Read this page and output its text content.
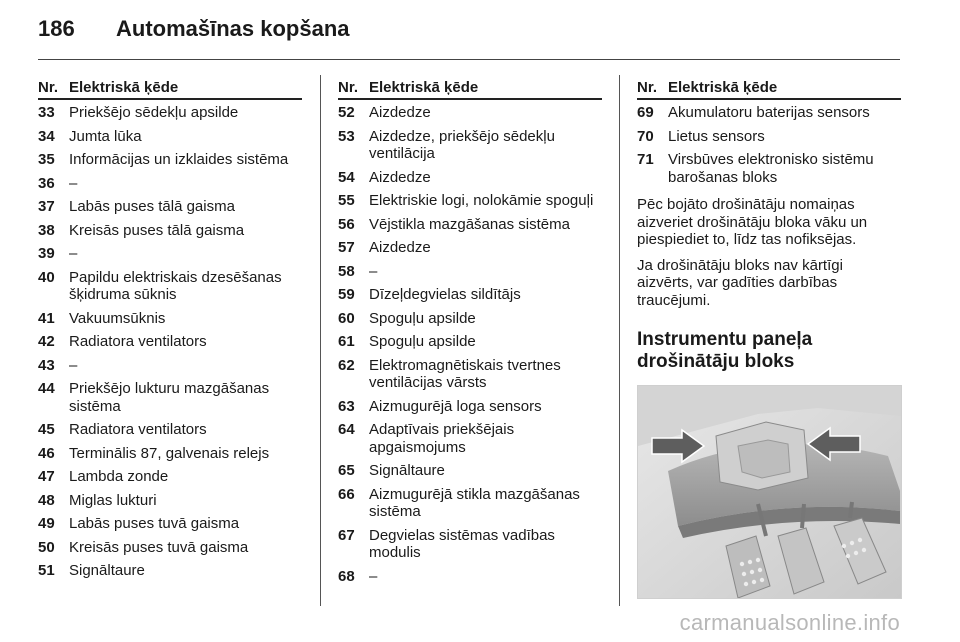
186	Automašīnas kopšana
Nr. Elektriskā ķēde
33 Priekšējo sēdekļu apsilde
34 Jumta lūka
35 Informācijas un izklaides sistēma
36 –
37 Labās puses tālā gaisma
38 Kreisās puses tālā gaisma
39 –
40 Papildu elektriskais dzesēšanas šķidruma sūknis
41 Vakuumsūknis
42 Radiatora ventilators
43 –
44 Priekšējo lukturu mazgāšanas sistēma
45 Radiatora ventilators
46 Terminālis 87, galvenais relejs
47 Lambda zonde
48 Miglas lukturi
49 Labās puses tuvā gaisma
50 Kreisās puses tuvā gaisma
51 Signāltaure
Nr. Elektriskā ķēde
52 Aizdedze
53 Aizdedze, priekšējo sēdekļu ventilācija
54 Aizdedze
55 Elektriskie logi, nolokāmie spoguļi
56 Vējstikla mazgāšanas sistēma
57 Aizdedze
58 –
59 Dīzeļdegvielas sildītājs
60 Spoguļu apsilde
61 Spoguļu apsilde
62 Elektromagnētiskais tvertnes ventilācijas vārsts
63 Aizmugurējā loga sensors
64 Adaptīvais priekšējais apgaismojums
65 Signāltaure
66 Aizmugurējā stikla mazgāšanas sistēma
67 Degvielas sistēmas vadības modulis
68 –
Nr. Elektriskā ķēde
69 Akumulatoru baterijas sensors
70 Lietus sensors
71 Virsbūves elektronisko sistēmu barošanas bloks

Pēc bojāto drošinātāju nomaiņas aizveriet drošinātāju bloka vāku un piespiediet to, līdz tas nofiksējas.

Ja drošinātāju bloks nav kārtīgi aizvērts, var gadīties darbības traucējumi.

Instrumentu paneļa drošinātāju bloks
carmanualsonline.info
